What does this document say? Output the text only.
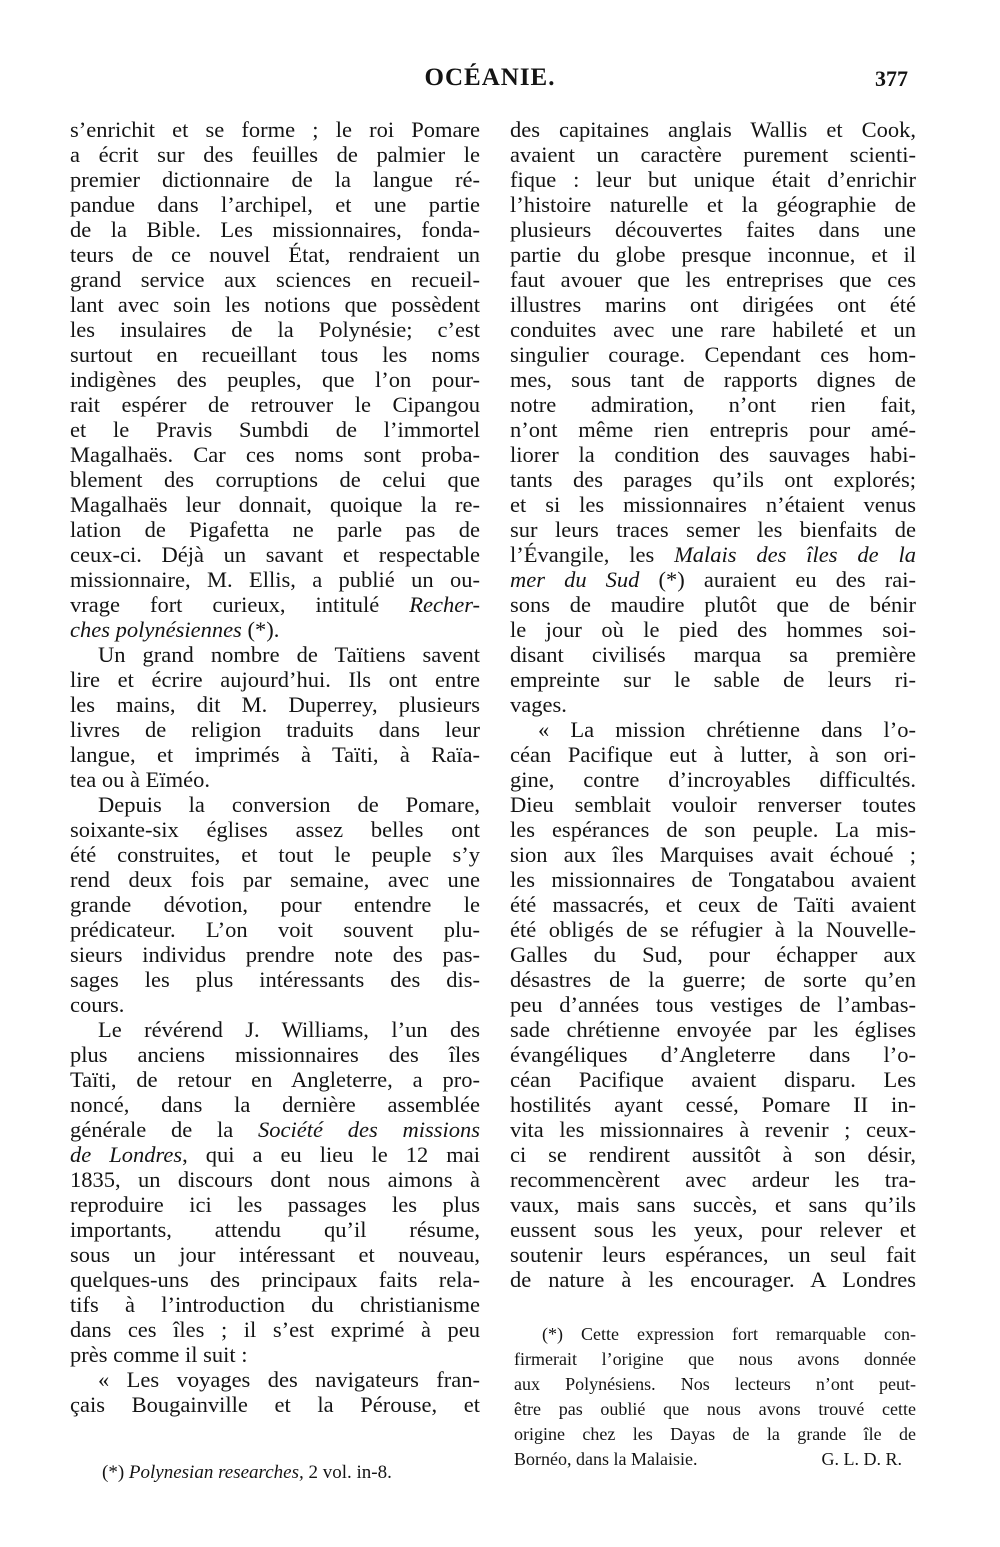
OCÉANIE.	377
s’enrichit et se forme ; le roi Pomare
a écrit sur des feuilles de palmier le
premier dictionnaire de la langue ré-
pandue dans l’archipel, et une partie
de la Bible. Les missionnaires, fonda-
teurs de ce nouvel État, rendraient un
grand service aux sciences en recueil-
lant avec soin les notions que possèdent
les insulaires de la Polynésie; c’est
surtout en recueillant tous les noms
indigènes des peuples, que l’on pour-
rait espérer de retrouver le Cipangou
et le Pravis Sumbdi de l’immortel
Magalhaës. Car ces noms sont proba-
blement des corruptions de celui que
Magalhaës leur donnait, quoique la re-
lation de Pigafetta ne parle pas de
ceux-ci. Déjà un savant et respectable
missionnaire, M. Ellis, a publié un ou-
vrage fort curieux, intitulé Recher-
ches polynésiennes (*).
Un grand nombre de Taïtiens savent
lire et écrire aujourd’hui. Ils ont entre
les mains, dit M. Duperrey, plusieurs
livres de religion traduits dans leur
langue, et imprimés à Taïti, à Raïa-
tea ou à Eïméo.
Depuis la conversion de Pomare,
soixante-six églises assez belles ont
été construites, et tout le peuple s’y
rend deux fois par semaine, avec une
grande dévotion, pour entendre le
prédicateur. L’on voit souvent plu-
sieurs individus prendre note des pas-
sages les plus intéressants des dis-
cours.
Le révérend J. Williams, l’un des
plus anciens missionnaires des îles
Taïti, de retour en Angleterre, a pro-
noncé, dans la dernière assemblée
générale de la Société des missions
de Londres, qui a eu lieu le 12 mai
1835, un discours dont nous aimons à
reproduire ici les passages les plus
importants, attendu qu’il résume,
sous un jour intéressant et nouveau,
quelques-uns des principaux faits rela-
tifs à l’introduction du christianisme
dans ces îles ; il s’est exprimé à peu
près comme il suit :
« Les voyages des navigateurs fran-
çais Bougainville et la Pérouse, et
des capitaines anglais Wallis et Cook,
avaient un caractère purement scienti-
fique : leur but unique était d’enrichir
l’histoire naturelle et la géographie de
plusieurs découvertes faites dans une
partie du globe presque inconnue, et il
faut avouer que les entreprises que ces
illustres marins ont dirigées ont été
conduites avec une rare habileté et un
singulier courage. Cependant ces hom-
mes, sous tant de rapports dignes de
notre admiration, n’ont rien fait,
n’ont même rien entrepris pour amé-
liorer la condition des sauvages habi-
tants des parages qu’ils ont explorés;
et si les missionnaires n’étaient venus
sur leurs traces semer les bienfaits de
l’Évangile, les Malais des îles de la
mer du Sud (*) auraient eu des rai-
sons de maudire plutôt que de bénir
le jour où le pied des hommes soi-
disant civilisés marqua sa première
empreinte sur le sable de leurs ri-
vages.
« La mission chrétienne dans l’o-
céan Pacifique eut à lutter, à son ori-
gine, contre d’incroyables difficultés.
Dieu semblait vouloir renverser toutes
les espérances de son peuple. La mis-
sion aux îles Marquises avait échoué ;
les missionnaires de Tongatabou avaient
été massacrés, et ceux de Taïti avaient
été obligés de se réfugier à la Nouvelle-
Galles du Sud, pour échapper aux
désastres de la guerre; de sorte qu’en
peu d’années tous vestiges de l’ambas-
sade chrétienne envoyée par les églises
évangéliques d’Angleterre dans l’o-
céan Pacifique avaient disparu. Les
hostilités ayant cessé, Pomare II in-
vita les missionnaires à revenir ; ceux-
ci se rendirent aussitôt à son désir,
recommencèrent avec ardeur les tra-
vaux, mais sans succès, et sans qu’ils
eussent sous les yeux, pour relever et
soutenir leurs espérances, un seul fait
de nature à les encourager. A Londres
(*) Polynesian researches, 2 vol. in-8.
(*) Cette expression fort remarquable con-
firmerait l’origine que nous avons donnée
aux Polynésiens. Nos lecteurs n’ont peut-
être pas oublié que nous avons trouvé cette
origine chez les Dayas de la grande île de
Bornéo, dans la Malaisie.	G. L. D. R.
